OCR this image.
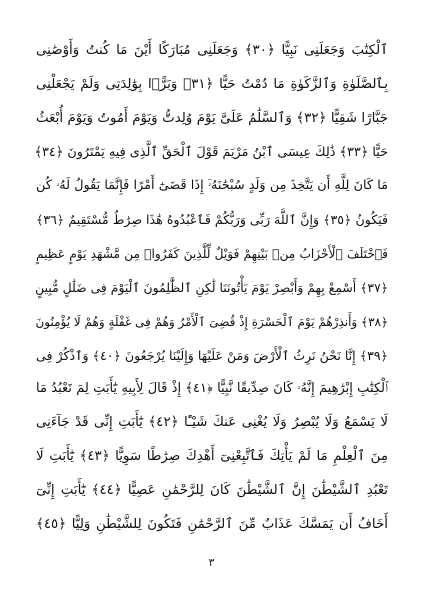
ٱلْكِتَٰبَ وَجَعَلَنِى نَبِيًّا ﴿٣٠﴾ وَجَعَلَنِى مُبَارَكًا أَيْنَ مَا كُنتُ وَأَوْصَٰنِى
بِٱلصَّلَوٰةِ وَٱلزَّكَوٰةِ مَا دُمْتُ حَيًّا ﴿٣١﴾ وَبَرًّۢا بِوَٰلِدَتِى وَلَمْ يَجْعَلْنِى
جَبَّارًا شَقِيًّا ﴿٣٢﴾ وَٱلسَّلَٰمُ عَلَىَّ يَوْمَ وُلِدتُّ وَيَوْمَ أَمُوتُ وَيَوْمَ أُبْعَثُ
حَيًّا ﴿٣٣﴾ ذَٰلِكَ عِيسَى ٱبْنُ مَرْيَمَ قَوْلَ ٱلْحَقِّ ٱلَّذِى فِيهِ يَمْتَرُونَ ﴿٣٤﴾
مَا كَانَ لِلَّهِ أَن يَتَّخِذَ مِن وَلَدٍ سُبْحَٰنَهُۥٓ إِذَا قَضَىٰٓ أَمْرًا فَإِنَّمَا يَقُولُ لَهُۥ كُن
فَيَكُونُ ﴿٣٥﴾ وَإِنَّ ٱللَّهَ رَبِّى وَرَبُّكُمْ فَٱعْبُدُوهُ هَٰذَا صِرَٰطٌ مُّسْتَقِيمٌ ﴿٣٦﴾
فَٱخْتَلَفَ ٱلْأَحْزَابُ مِنۢ بَيْنِهِمْ فَوَيْلٌ لِّلَّذِينَ كَفَرُوا۟ مِن مَّشْهَدِ يَوْمٍ عَظِيمٍ
﴿٣٧﴾ أَسْمِعْ بِهِمْ وَأَبْصِرْ يَوْمَ يَأْتُونَنَا لَٰكِنِ ٱلظَّٰلِمُونَ ٱلْيَوْمَ فِى ضَلَٰلٍ مُّبِينٍ
﴿٣٨﴾ وَأَنذِرْهُمْ يَوْمَ ٱلْحَسْرَةِ إِذْ قُضِىَ ٱلْأَمْرُ وَهُمْ فِى غَفْلَةٍ وَهُمْ لَا يُؤْمِنُونَ
﴿٣٩﴾ إِنَّا نَحْنُ نَرِثُ ٱلْأَرْضَ وَمَنْ عَلَيْهَا وَإِلَيْنَا يُرْجَعُونَ ﴿٤٠﴾ وَٱذْكُرْ فِى
ٱلْكِتَٰبِ إِبْرَٰهِيمَ إِنَّهُۥ كَانَ صِدِّيقًا نَّبِيًّا ﴿٤١﴾ إِذْ قَالَ لِأَبِيهِ يَٰٓأَبَتِ لِمَ تَعْبُدُ مَا
لَا يَسْمَعُ وَلَا يُبْصِرُ وَلَا يُغْنِى عَنكَ شَيْـًٔا ﴿٤٢﴾ يَٰٓأَبَتِ إِنِّى قَدْ جَآءَنِى
مِنَ ٱلْعِلْمِ مَا لَمْ يَأْتِكَ فَٱتَّبِعْنِىٓ أَهْدِكَ صِرَٰطًا سَوِيًّا ﴿٤٣﴾ يَٰٓأَبَتِ لَا
تَعْبُدِ ٱلشَّيْطَٰنَ إِنَّ ٱلشَّيْطَٰنَ كَانَ لِلرَّحْمَٰنِ عَصِيًّا ﴿٤٤﴾ يَٰٓأَبَتِ إِنِّىٓ
أَخَافُ أَن يَمَسَّكَ عَذَابٌ مِّنَ ٱلرَّحْمَٰنِ فَتَكُونَ لِلشَّيْطَٰنِ وَلِيًّا ﴿٤٥﴾
٣
